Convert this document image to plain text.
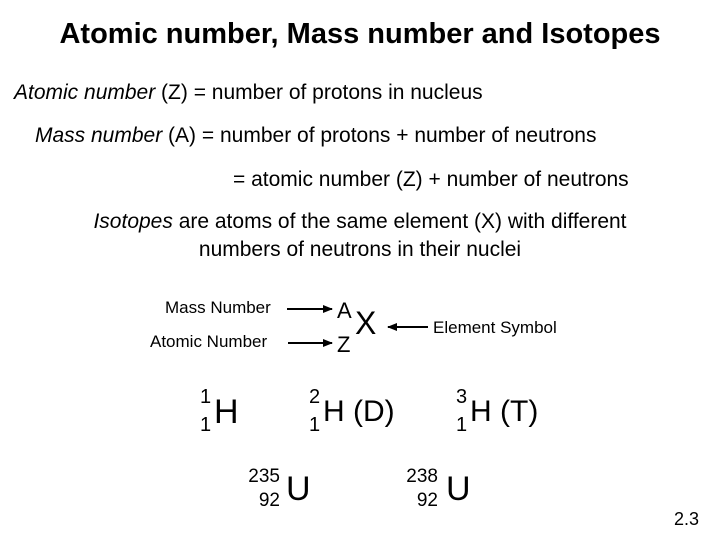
Atomic number, Mass number and Isotopes
Atomic number (Z) = number of protons in nucleus
Mass number (A) = number of protons + number of neutrons
= atomic number (Z) + number of neutrons
Isotopes are atoms of the same element (X) with different
numbers of neutrons in their nuclei
Mass Number
Atomic Number
Element Symbol
A
Z
X
1
1 H	2
1 H (D)	3
1 H (T)
235
92 U	238
92 U
2.3
